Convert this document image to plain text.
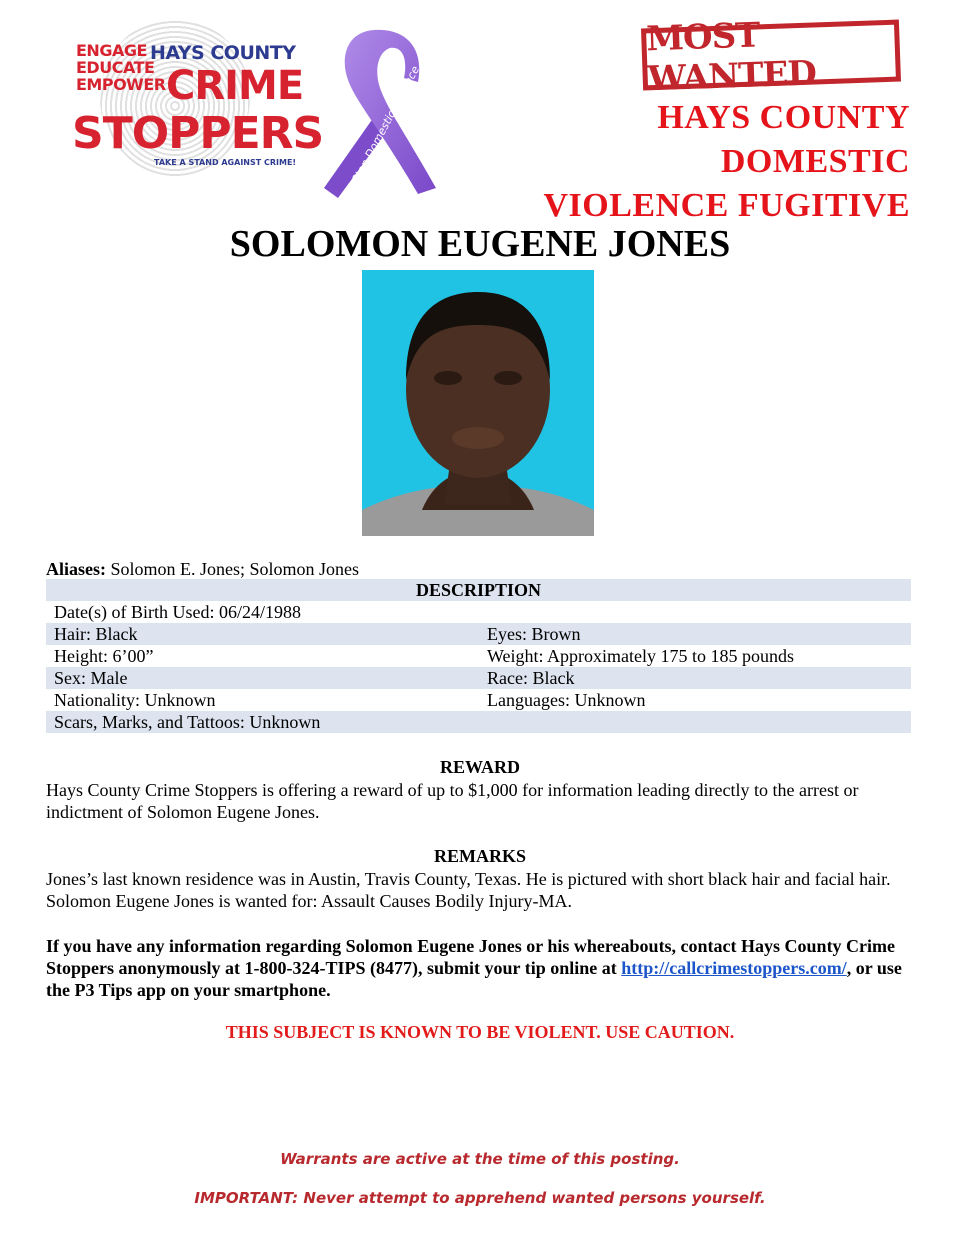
ENGAGE
EDUCATE
EMPOWER
HAYS COUNTY
CRIME
STOPPERS
TAKE A STAND AGAINST CRIME!	Stop Domestic Violence
MOST WANTED
HAYS COUNTY DOMESTIC
VIOLENCE FUGITIVE
SOLOMON EUGENE JONES
Aliases: Solomon E. Jones; Solomon Jones
DESCRIPTION
Date(s) of Birth Used: 06/24/1988
Hair: Black	Eyes: Brown
Height: 6’00”	Weight: Approximately 175 to 185 pounds
Sex: Male	Race: Black
Nationality: Unknown	Languages: Unknown
Scars, Marks, and Tattoos: Unknown
REWARD
Hays County Crime Stoppers is offering a reward of up to $1,000 for information leading directly to the arrest or indictment of Solomon Eugene Jones.
REMARKS
Jones’s last known residence was in Austin, Travis County, Texas. He is pictured with short black hair and facial hair. Solomon Eugene Jones is wanted for: Assault Causes Bodily Injury-MA.
If you have any information regarding Solomon Eugene Jones or his whereabouts, contact Hays County Crime Stoppers anonymously at 1-800-324-TIPS (8477), submit your tip online at http://callcrimestoppers.com/, or use the P3 Tips app on your smartphone.
THIS SUBJECT IS KNOWN TO BE VIOLENT. USE CAUTION.
Warrants are active at the time of this posting.
IMPORTANT: Never attempt to apprehend wanted persons yourself.
